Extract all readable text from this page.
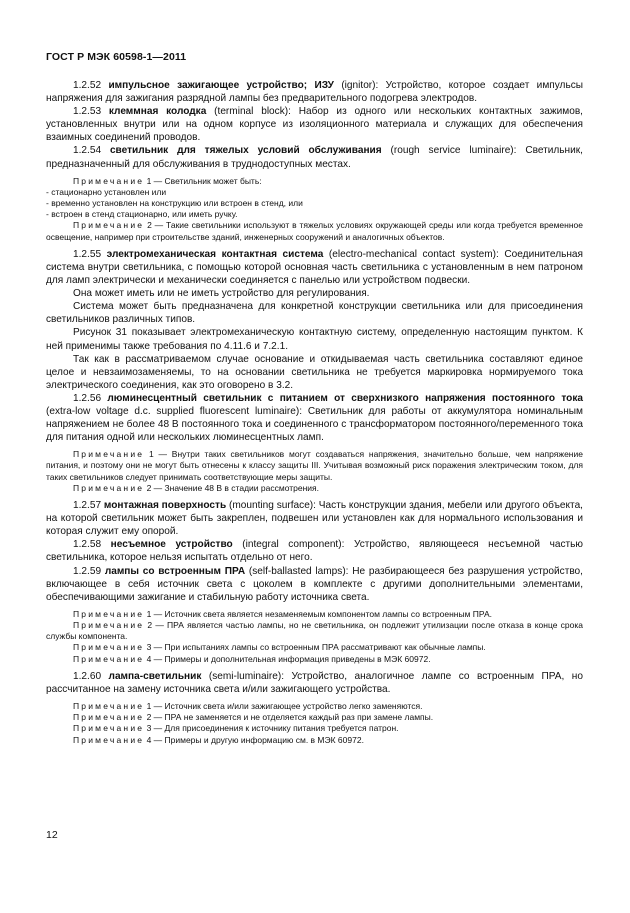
ГОСТ Р МЭК 60598-1—2011

1.2.52 импульсное зажигающее устройство; ИЗУ (ignitor): Устройство, которое создает импульсы напряжения для зажигания разрядной лампы без предварительного подогрева электродов.

1.2.53 клеммная колодка (terminal block): Набор из одного или нескольких контактных зажимов, установленных внутри или на одном корпусе из изоляционного материала и служащих для обеспечения взаимных соединений проводов.

1.2.54 светильник для тяжелых условий обслуживания (rough service luminaire): Светильник, предназначенный для обслуживания в труднодоступных местах.

Примечание 1 — Светильник может быть:

- стационарно установлен или

- временно установлен на конструкцию или встроен в стенд, или

- встроен в стенд стационарно, или иметь ручку.

Примечание 2 — Такие светильники используют в тяжелых условиях окружающей среды или когда требуется временное освещение, например при строительстве зданий, инженерных сооружений и аналогичных объектов.

1.2.55 электромеханическая контактная система (electro-mechanical contact system): Соединительная система внутри светильника, с помощью которой основная часть светильника с установленным в нем патроном для ламп электрически и механически соединяется с панелью или устройством подвески.

Она может иметь или не иметь устройство для регулирования.

Система может быть предназначена для конкретной конструкции светильника или для присоединения светильников различных типов.

Рисунок 31 показывает электромеханическую контактную систему, определенную настоящим пунктом. К ней применимы также требования по 4.11.6 и 7.2.1.

Так как в рассматриваемом случае основание и откидываемая часть светильника составляют единое целое и невзаимозаменяемы, то на основании светильника не требуется маркировка нормируемого тока электрического соединения, как это оговорено в 3.2.

1.2.56 люминесцентный светильник с питанием от сверхнизкого напряжения постоянного тока (extra-low voltage d.c. supplied fluorescent luminaire): Светильник для работы от аккумулятора номинальным напряжением не более 48 В постоянного тока и соединенного с трансформатором постоянного/переменного тока для питания одной или нескольких люминесцентных ламп.

Примечание 1 — Внутри таких светильников могут создаваться напряжения, значительно больше, чем напряжение питания, и поэтому они не могут быть отнесены к классу защиты III. Учитывая возможный риск поражения электрическим током, для таких светильников следует принимать соответствующие меры защиты.

Примечание 2 — Значение 48 В в стадии рассмотрения.

1.2.57 монтажная поверхность (mounting surface): Часть конструкции здания, мебели или другого объекта, на которой светильник может быть закреплен, подвешен или установлен как для нормального использования и которая служит ему опорой.

1.2.58 несъемное устройство (integral component): Устройство, являющееся несъемной частью светильника, которое нельзя испытать отдельно от него.

1.2.59 лампы со встроенным ПРА (self-ballasted lamps): Не разбирающееся без разрушения устройство, включающее в себя источник света с цоколем в комплекте с другими дополнительными элементами, обеспечивающими зажигание и стабильную работу источника света.

Примечание 1 — Источник света является незаменяемым компонентом лампы со встроенным ПРА.

Примечание 2 — ПРА является частью лампы, но не светильника, он подлежит утилизации после отказа в конце срока службы компонента.

Примечание 3 — При испытаниях лампы со встроенным ПРА рассматривают как обычные лампы.

Примечание 4 — Примеры и дополнительная информация приведены в МЭК 60972.

1.2.60 лампа-светильник (semi-luminaire): Устройство, аналогичное лампе со встроенным ПРА, но рассчитанное на замену источника света и/или зажигающего устройства.

Примечание 1 — Источник света и/или зажигающее устройство легко заменяются.

Примечание 2 — ПРА не заменяется и не отделяется каждый раз при замене лампы.

Примечание 3 — Для присоединения к источнику питания требуется патрон.

Примечание 4 — Примеры и другую информацию см. в МЭК 60972.

12
